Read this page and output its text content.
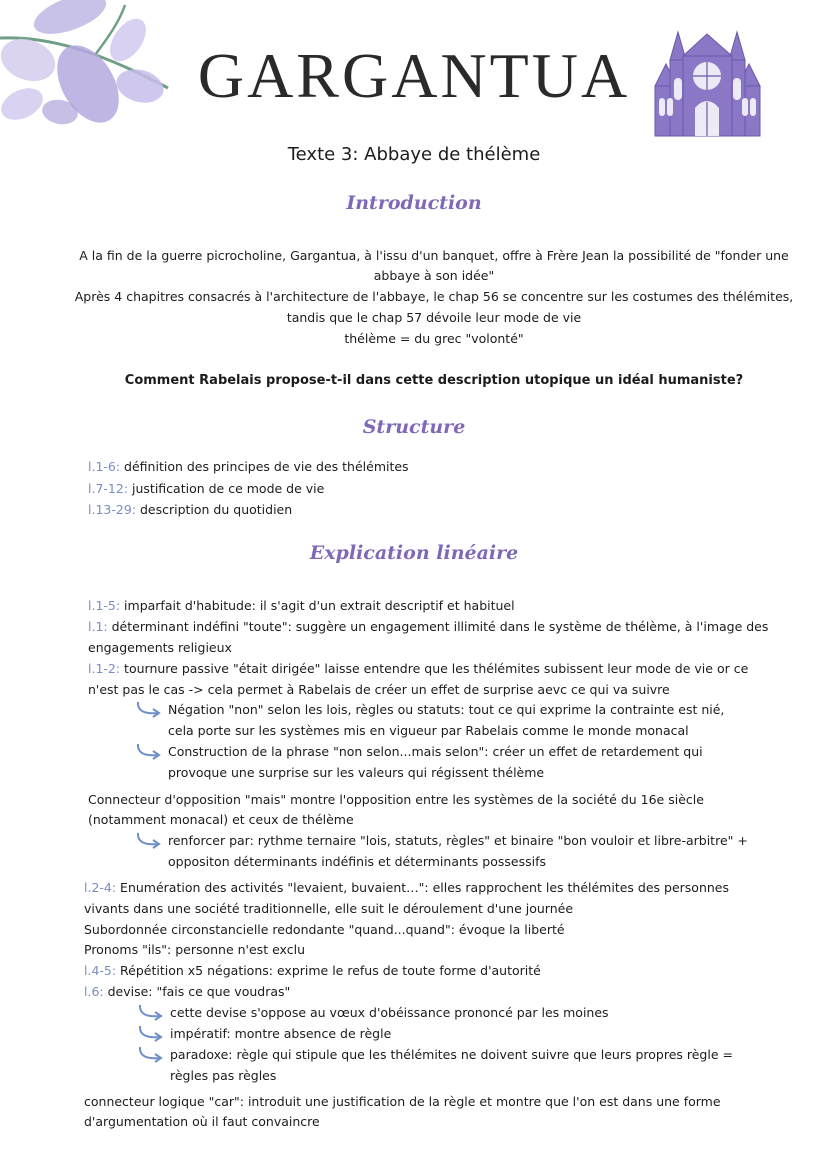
GARGANTUA

Texte 3: Abbaye de thélème

Introduction

A la fin de la guerre picrocholine, Gargantua, à l'issu d'un banquet, offre à Frère Jean la possibilité de "fonder une

abbaye à son idée"

Après 4 chapitres consacrés à l'architecture de l'abbaye, le chap 56 se concentre sur les costumes des thélémites,

tandis que le chap 57 dévoile leur mode de vie

thélème = du grec "volonté"

Comment Rabelais propose-t-il dans cette description utopique un idéal humaniste?

Structure

l.1-6: définition des principes de vie des thélémites

l.7-12: justification de ce mode de vie

l.13-29: description du quotidien

Explication linéaire

l.1-5: imparfait d'habitude: il s'agit d'un extrait descriptif et habituel

l.1: déterminant indéfini "toute": suggère un engagement illimité dans le système de thélème, à l'image des

engagements religieux

l.1-2: tournure passive "était dirigée" laisse entendre que les thélémites subissent leur mode de vie or ce

n'est pas le cas -> cela permet à Rabelais de créer un effet de surprise aevc ce qui va suivre

Négation "non" selon les lois, règles ou statuts: tout ce qui exprime la contrainte est nié,

cela porte sur les systèmes mis en vigueur par Rabelais comme le monde monacal

Construction de la phrase "non selon...mais selon": créer un effet de retardement qui

provoque une surprise sur les valeurs qui régissent thélème

Connecteur d'opposition "mais" montre l'opposition entre les systèmes de la société du 16e siècle

(notamment monacal) et ceux de thélème

renforcer par: rythme ternaire "lois, statuts, règles" et binaire "bon vouloir et libre-arbitre" +

oppositon déterminants indéfinis et déterminants possessifs

l.2-4: Enumération des activités "levaient, buvaient…": elles rapprochent les thélémites des personnes

vivants dans une société traditionnelle, elle suit le déroulement d'une journée

Subordonnée circonstancielle redondante "quand...quand": évoque la liberté

Pronoms "ils": personne n'est exclu

l.4-5: Répétition x5 négations: exprime le refus de toute forme d'autorité

l.6: devise: "fais ce que voudras"

cette devise s'oppose au vœux d'obéissance prononcé par les moines

impératif: montre absence de règle

paradoxe: règle qui stipule que les thélémites ne doivent suivre que leurs propres règle =

règles pas règles

connecteur logique "car": introduit une justification de la règle et montre que l'on est dans une forme

d'argumentation où il faut convaincre
